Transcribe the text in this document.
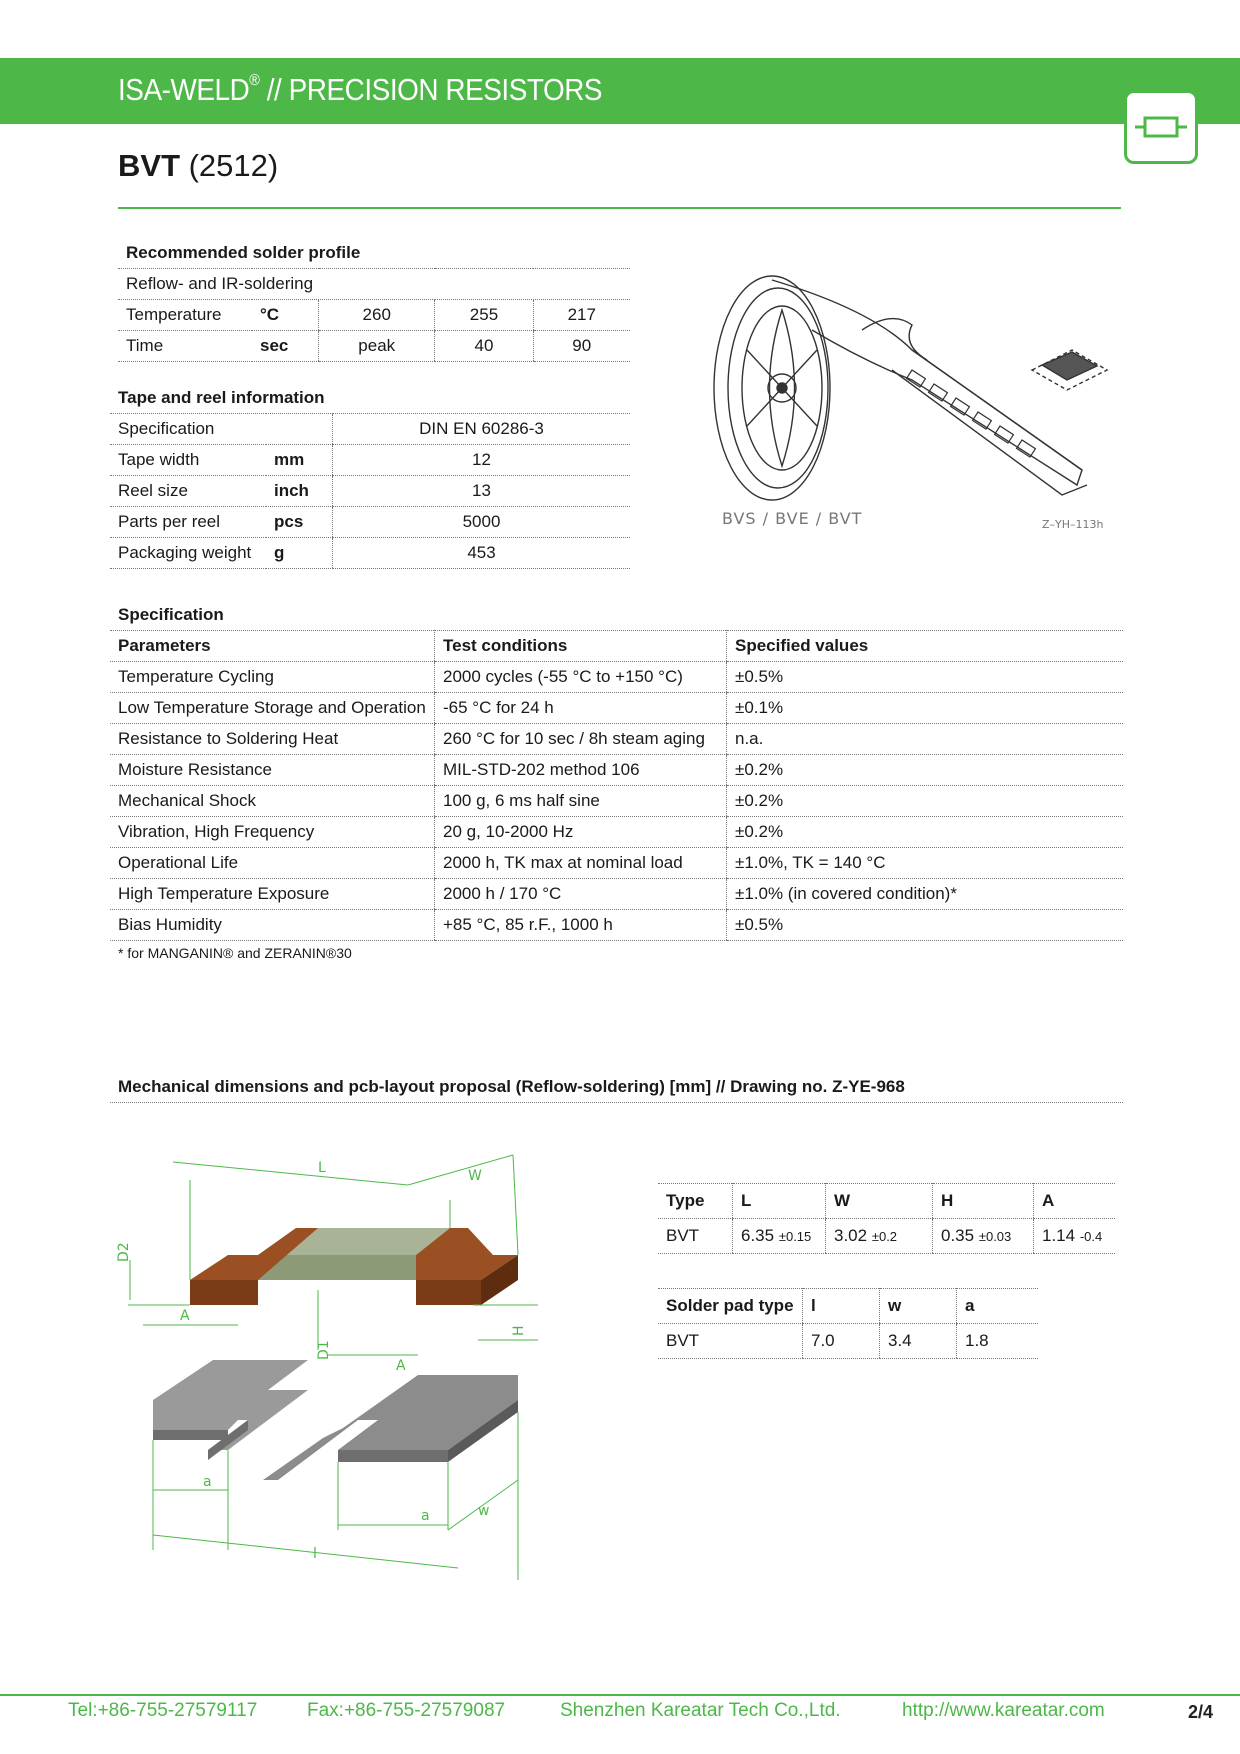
ISA-WELD® // PRECISION RESISTORS
BVT (2512)
Recommended solder profile				
Reflow- and IR-soldering				
Temperature	°C	260	255	217
Time	sec	peak	40	90
Tape and reel information		
Specification		DIN EN 60286-3
Tape width	mm	12
Reel size	inch	13
Parts per reel	pcs	5000
Packaging weight	g	453
BVS / BVE / BVT	Z–YH–113h
Specification
Parameters	Test conditions	Specified values
Temperature Cycling	2000 cycles (-55 °C to +150 °C)	±0.5%
Low Temperature Storage and Operation	-65 °C for 24 h	±0.1%
Resistance to Soldering Heat	260 °C for 10 sec / 8h steam aging	n.a.
Moisture Resistance	MIL-STD-202 method 106	±0.2%
Mechanical Shock	100 g, 6 ms half sine	±0.2%
Vibration, High Frequency	20 g, 10-2000 Hz	±0.2%
Operational Life	2000 h, TK max at nominal load	±1.0%, TK = 140 °C
High Temperature Exposure	2000 h / 170 °C	±1.0% (in covered condition)*
Bias Humidity	+85 °C, 85 r.F., 1000 h	±0.5%
* for MANGANIN® and ZERANIN®30
Mechanical dimensions and pcb-layout proposal (Reflow-soldering) [mm] // Drawing no. Z-YE-968
L	W
D2
D1
A
A
H
a
a
l
w
Type	L	W	H	A
BVT	6.35 ±0.15	3.02 ±0.2	0.35 ±0.03	1.14 -0.4
Solder pad type	l	w	a
BVT	7.0	3.4	1.8
Tel:+86-755-27579117	Fax:+86-755-27579087	Shenzhen Kareatar Tech Co.,Ltd.	http://www.kareatar.com	2/4
